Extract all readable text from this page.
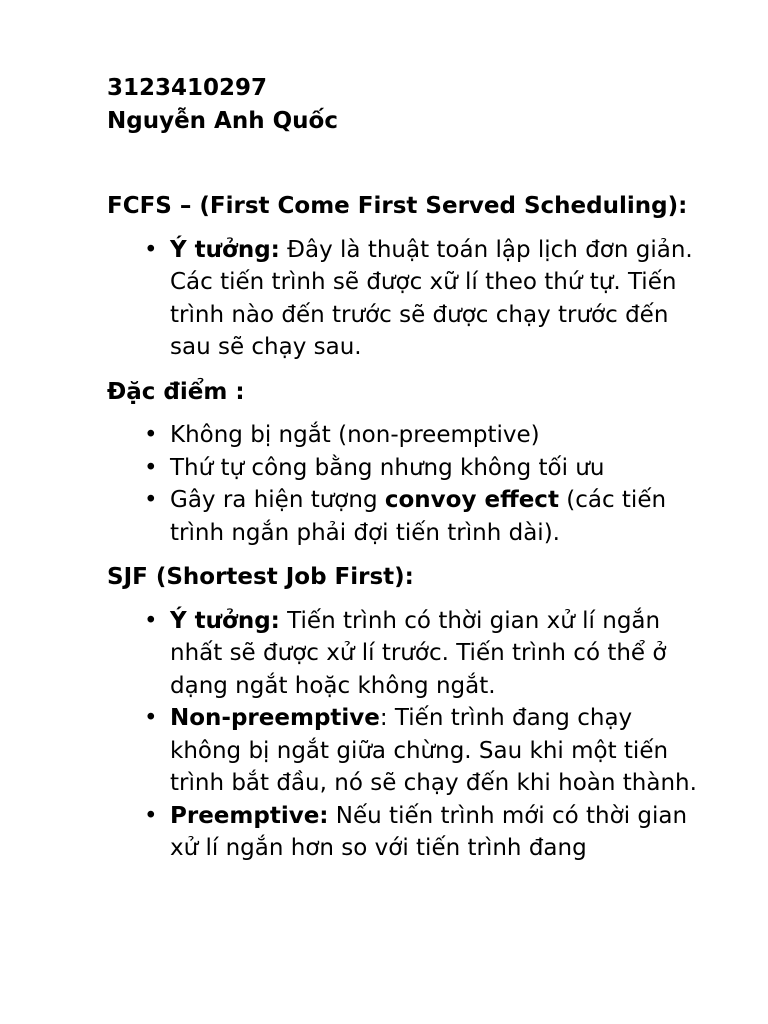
3123410297
Nguyễn Anh Quốc
FCFS – (First Come First Served Scheduling):
• Ý tưởng: Đây là thuật toán lập lịch đơn giản. Các tiến trình sẽ được xữ lí theo thứ tự. Tiến trình nào đến trước sẽ được chạy trước đến sau sẽ chạy sau.
Đặc điểm :
• Không bị ngắt (non-preemptive)
• Thứ tự công bằng nhưng không tối ưu
• Gây ra hiện tượng convoy effect (các tiến trình ngắn phải đợi tiến trình dài).
SJF (Shortest Job First):
• Ý tưởng: Tiến trình có thời gian xử lí ngắn nhất sẽ được xử lí trước. Tiến trình có thể ở dạng ngắt hoặc không ngắt.
• Non-preemptive: Tiến trình đang chạy không bị ngắt giữa chừng. Sau khi một tiến trình bắt đầu, nó sẽ chạy đến khi hoàn thành.
• Preemptive: Nếu tiến trình mới có thời gian xử lí ngắn hơn so với tiến trình đang
